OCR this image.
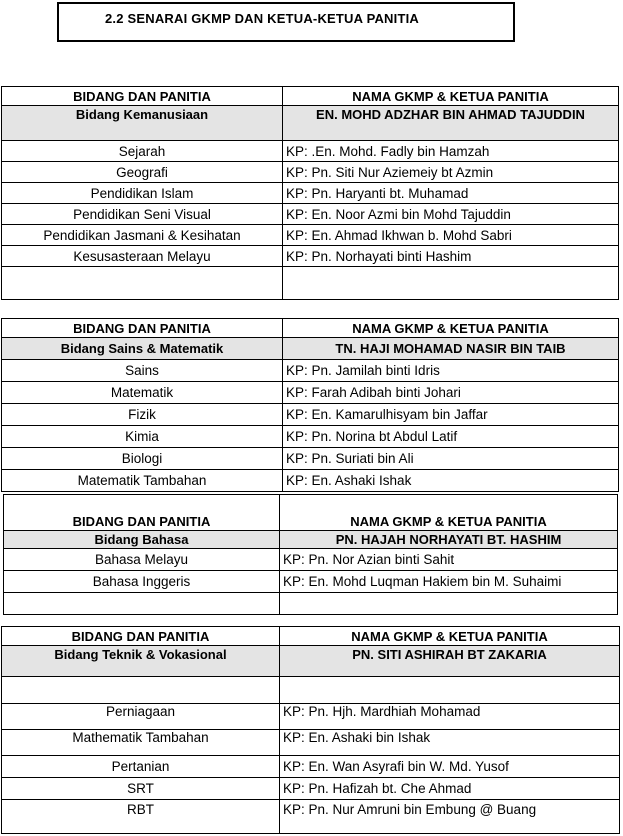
2.2 SENARAI GKMP DAN KETUA-KETUA PANITIA
BIDANG DAN PANITIA	NAMA GKMP & KETUA PANITIA
Bidang Kemanusiaan	EN. MOHD ADZHAR BIN AHMAD TAJUDDIN
Sejarah	KP: .En. Mohd. Fadly bin Hamzah
Geografi	KP: Pn. Siti Nur Aziemeiy bt Azmin
Pendidikan Islam	KP: Pn. Haryanti bt. Muhamad
Pendidikan Seni Visual	KP: En. Noor Azmi bin Mohd Tajuddin
Pendidikan Jasmani & Kesihatan	KP: En. Ahmad Ikhwan b. Mohd Sabri
Kesusasteraan Melayu	KP: Pn. Norhayati binti Hashim

BIDANG DAN PANITIA	NAMA GKMP & KETUA PANITIA
Bidang Sains & Matematik	TN. HAJI MOHAMAD NASIR BIN TAIB
Sains	KP: Pn. Jamilah binti Idris
Matematik	KP: Farah Adibah binti Johari
Fizik	KP: En. Kamarulhisyam bin Jaffar
Kimia	KP: Pn. Norina bt Abdul Latif
Biologi	KP: Pn. Suriati bin Ali
Matematik Tambahan	KP: En. Ashaki Ishak
BIDANG DAN PANITIA	NAMA GKMP & KETUA PANITIA
Bidang Bahasa	PN. HAJAH NORHAYATI BT. HASHIM
Bahasa Melayu	KP: Pn. Nor Azian binti Sahit
Bahasa Inggeris	KP: En. Mohd Luqman Hakiem bin M. Suhaimi

BIDANG DAN PANITIA	NAMA GKMP & KETUA PANITIA
Bidang Teknik & Vokasional	PN. SITI ASHIRAH BT ZAKARIA

Perniagaan	KP: Pn. Hjh. Mardhiah Mohamad
Mathematik Tambahan	KP: En. Ashaki bin Ishak
Pertanian	KP: En. Wan Asyrafi bin W. Md. Yusof
SRT	KP: Pn. Hafizah bt. Che Ahmad
RBT	KP: Pn. Nur Amruni bin Embung @ Buang
